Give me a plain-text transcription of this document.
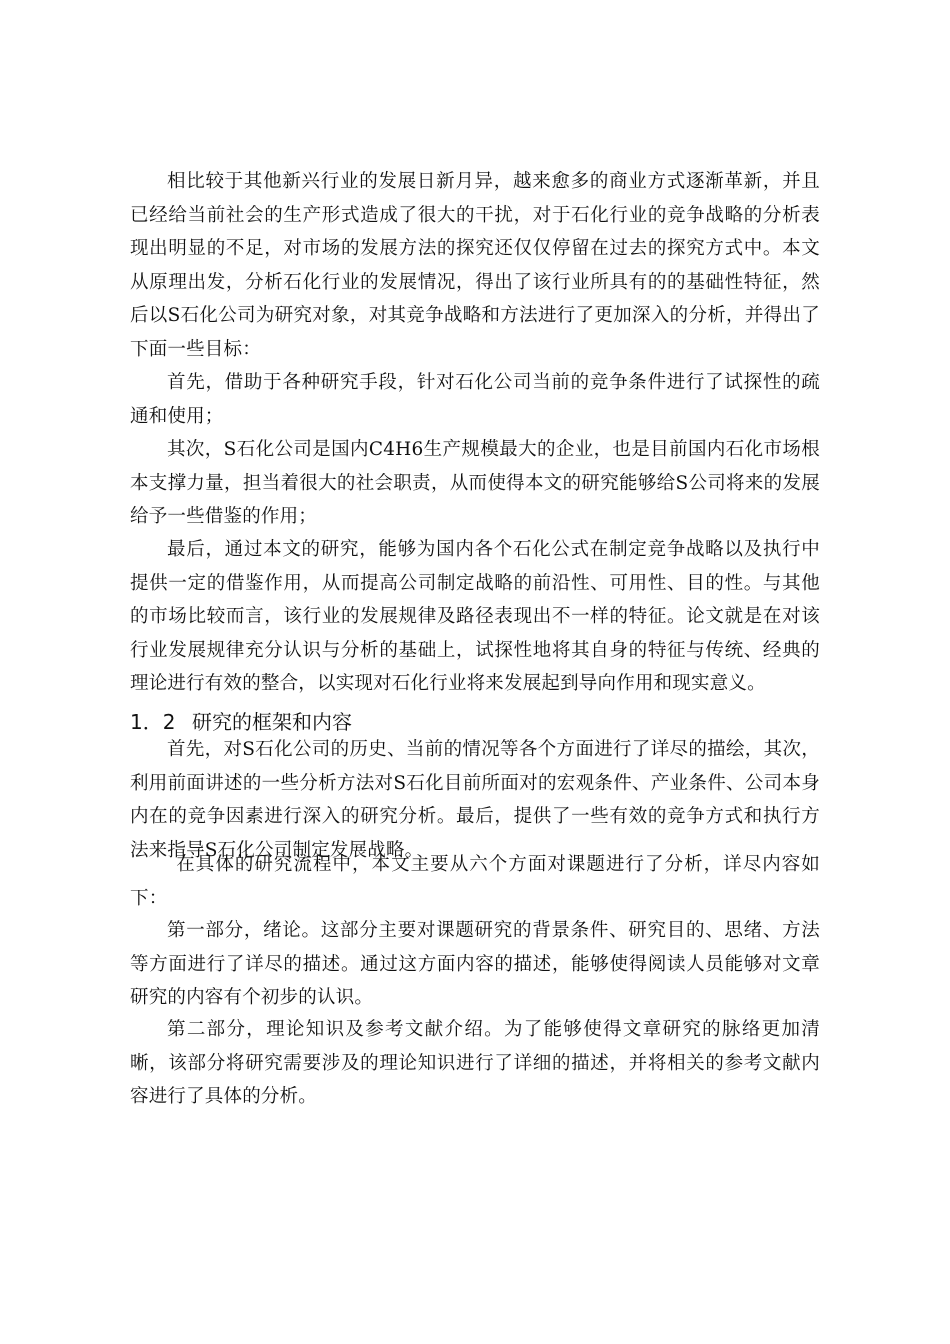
相比较于其他新兴行业的发展日新月异，越来愈多的商业方式逐渐革新，并且已经给当前社会的生产形式造成了很大的干扰，对于石化行业的竞争战略的分析表现出明显的不足，对市场的发展方法的探究还仅仅停留在过去的探究方式中。本文从原理出发，分析石化行业的发展情况，得出了该行业所具有的的基础性特征，然后以S石化公司为研究对象，对其竞争战略和方法进行了更加深入的分析，并得出了下面一些目标：

首先，借助于各种研究手段，针对石化公司当前的竞争条件进行了试探性的疏通和使用；

其次，S石化公司是国内C4H6生产规模最大的企业，也是目前国内石化市场根本支撑力量，担当着很大的社会职责，从而使得本文的研究能够给S公司将来的发展给予一些借鉴的作用；

最后，通过本文的研究，能够为国内各个石化公式在制定竞争战略以及执行中提供一定的借鉴作用，从而提高公司制定战略的前沿性、可用性、目的性。与其他的市场比较而言，该行业的发展规律及路径表现出不一样的特征。论文就是在对该行业发展规律充分认识与分析的基础上，试探性地将其自身的特征与传统、经典的理论进行有效的整合，以实现对石化行业将来发展起到导向作用和现实意义。

1．2 研究的框架和内容

首先，对S石化公司的历史、当前的情况等各个方面进行了详尽的描绘，其次，利用前面讲述的一些分析方法对S石化目前所面对的宏观条件、产业条件、公司本身内在的竞争因素进行深入的研究分析。最后，提供了一些有效的竞争方式和执行方法来指导S石化公司制定发展战略。

在具体的研究流程中，本文主要从六个方面对课题进行了分析，详尽内容如下：

第一部分，绪论。这部分主要对课题研究的背景条件、研究目的、思绪、方法等方面进行了详尽的描述。通过这方面内容的描述，能够使得阅读人员能够对文章研究的内容有个初步的认识。

第二部分，理论知识及参考文献介绍。为了能够使得文章研究的脉络更加清晰，该部分将研究需要涉及的理论知识进行了详细的描述，并将相关的参考文献内容进行了具体的分析。
